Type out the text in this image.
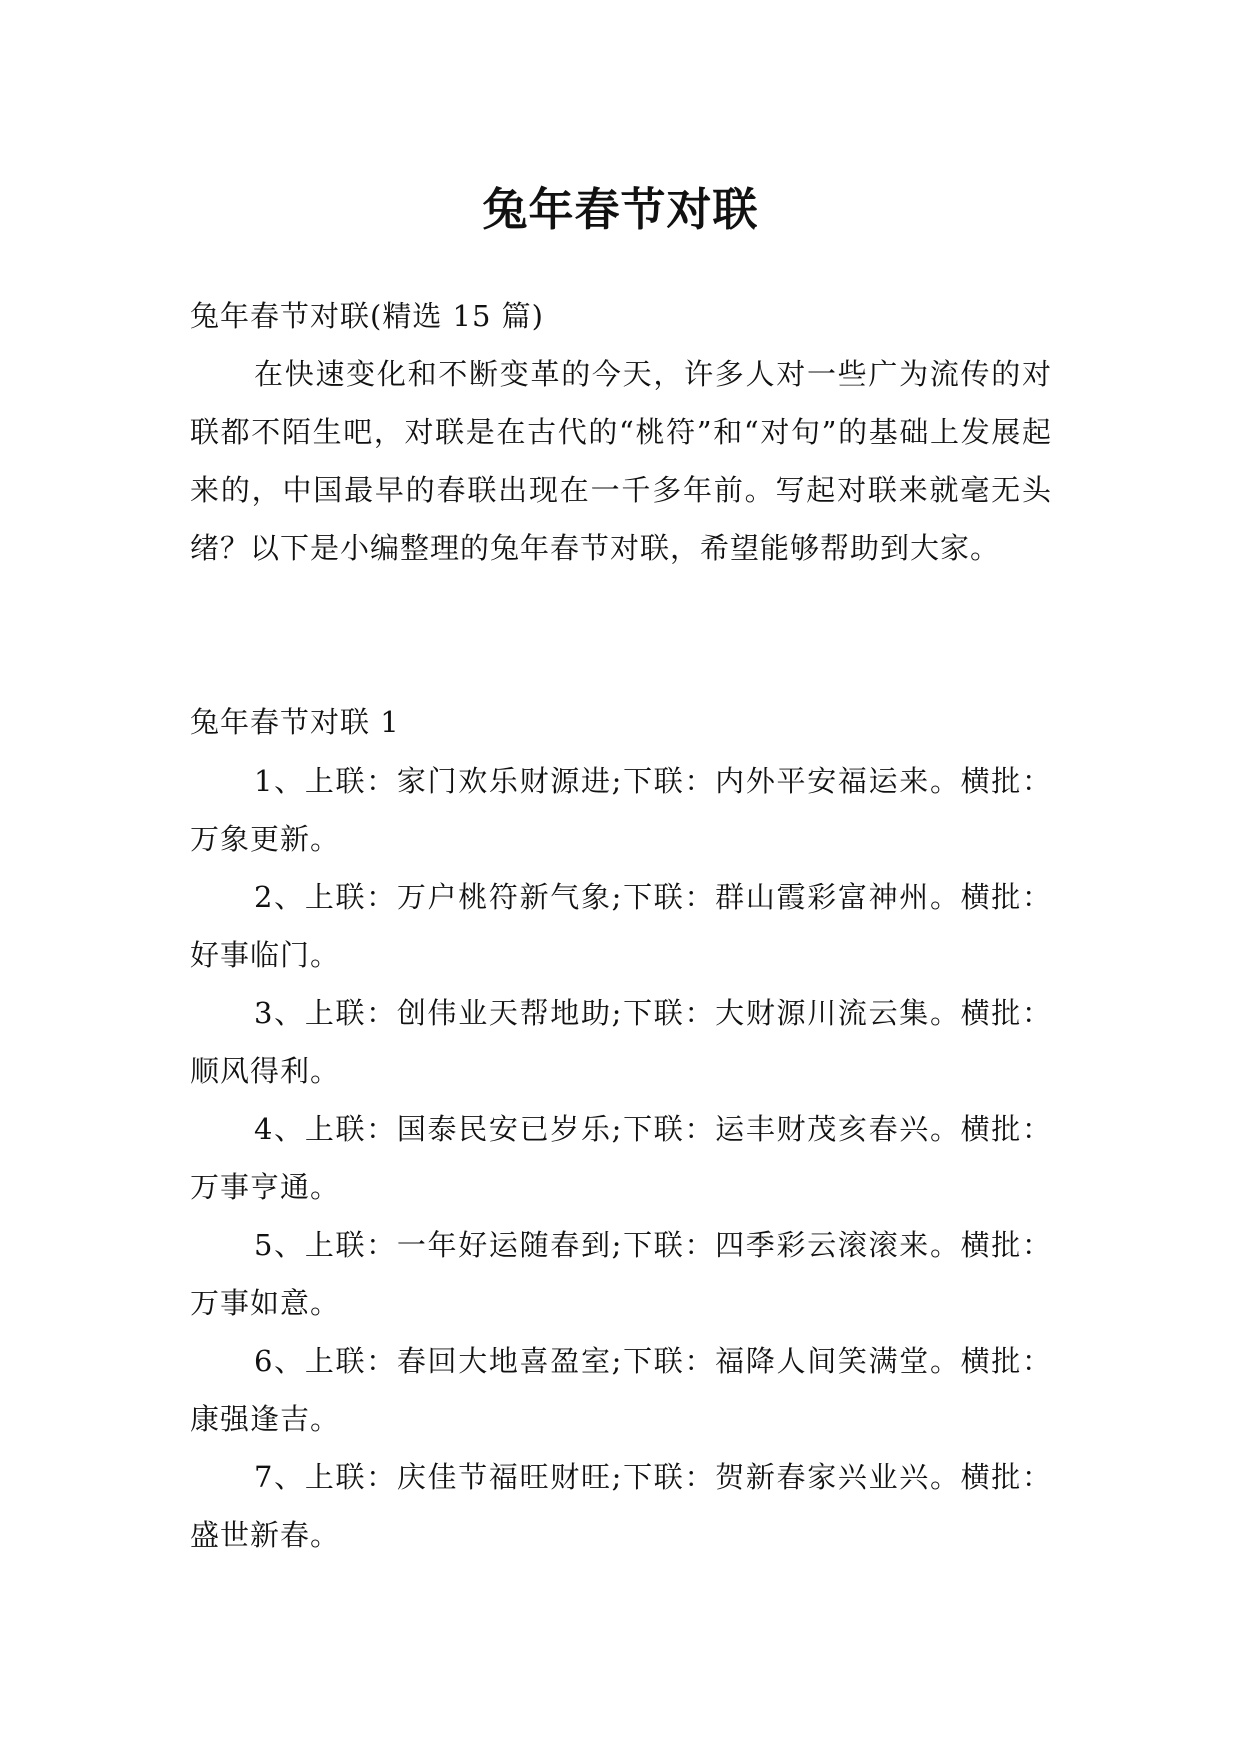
兔年春节对联

兔年春节对联(精选 15 篇)

在快速变化和不断变革的今天，许多人对一些广为流传的对联都不陌生吧，对联是在古代的“桃符”和“对句”的基础上发展起来的，中国最早的春联出现在一千多年前。写起对联来就毫无头绪？以下是小编整理的兔年春节对联，希望能够帮助到大家。

兔年春节对联 1

1、上联：家门欢乐财源进;下联：内外平安福运来。横批：万象更新。

2、上联：万户桃符新气象;下联：群山霞彩富神州。横批：好事临门。

3、上联：创伟业天帮地助;下联：大财源川流云集。横批：顺风得利。

4、上联：国泰民安已岁乐;下联：运丰财茂亥春兴。横批：万事亨通。

5、上联：一年好运随春到;下联：四季彩云滚滚来。横批：万事如意。

6、上联：春回大地喜盈室;下联：福降人间笑满堂。横批：康强逢吉。

7、上联：庆佳节福旺财旺;下联：贺新春家兴业兴。横批：盛世新春。
